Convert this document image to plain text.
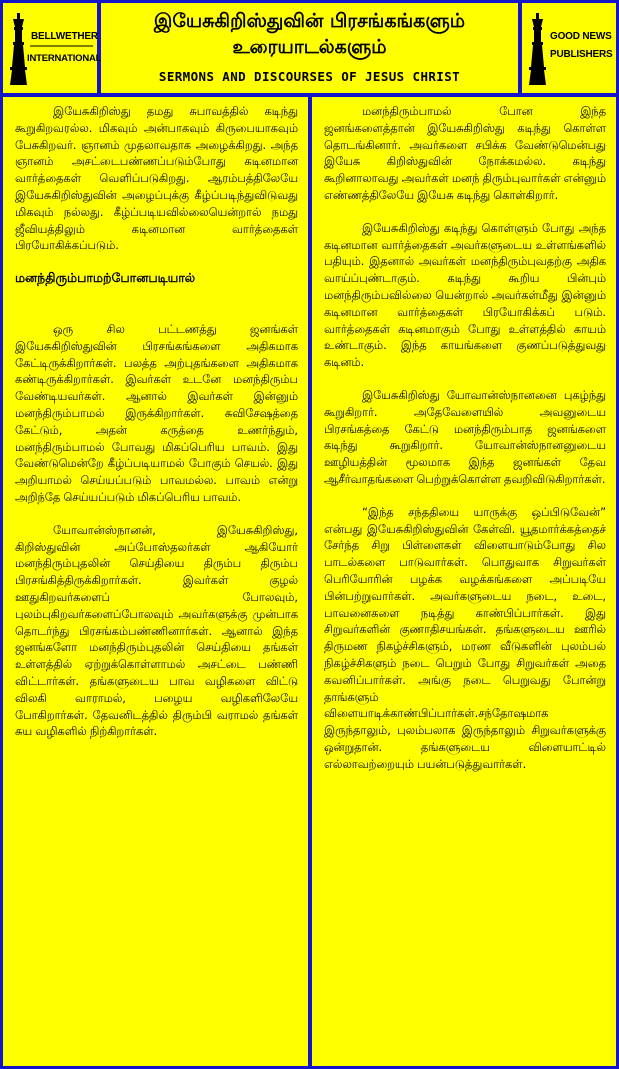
BELLWETHER
INTERNATIONAL
இயேசுகிறிஸ்துவின் பிரசங்கங்களும்
உரையாடல்களும்
SERMONS AND DISCOURSES OF JESUS CHRIST
GOOD NEWS
PUBLISHERS

இயேசுகிறிஸ்து தமது சுபாவத்தில் கடிந்து கூறுகிறவரல்ல. மிகவும் அன்பாகவும் கிருபையாகவும் பேசுகிறவர். ஞானம் முதலாவதாக அழைக்கிறது. அந்த ஞானம் அசட்டைபண்ணப்படும்போது கடினமான வார்த்தைகள் வெளிப்படுகிறது. ஆரம்பத்திலேயே இயேசுகிறிஸ்துவின் அழைப்புக்கு கீழ்ப்படிந்துவிடுவது மிகவும் நல்லது. கீழ்ப்படியவில்லையென்றால் நமது ஜீவியத்திலும் கடினமான வார்த்தைகள் பிரயோகிக்கப்படும்.

மனந்திரும்பாமற்போனபடியால்

ஒரு சில பட்டணத்து ஜனங்கள் இயேசுகிறிஸ்துவின் பிரசங்கங்களை அதிகமாக கேட்டிருக்கிறார்கள். பலத்த அற்புதங்களை அதிகமாக கண்டிருக்கிறார்கள். இவர்கள் உடனே மனந்திரும்ப வேண்டியவர்கள். ஆனால் இவர்கள் இன்னும் மனந்திரும்பாமல் இருக்கிறார்கள். சுவிசேஷத்தை கேட்டும், அதன் கருத்தை உணர்ந்தும், மனந்திரும்பாமல் போவது மிகப்பெரிய பாவம். இது வேண்டுமென்றே கீழ்ப்படியாமல் போகும் செயல். இது அறியாமல் செய்யப்படும் பாவமல்ல. பாவம் என்று அறிந்தே செய்யப்படும் மிகப்பெரிய பாவம்.

யோவான்ஸ்நானன், இயேசுகிறிஸ்து, கிறிஸ்துவின் அப்போஸ்தலர்கள் ஆகியோர் மனந்திரும்புதலின் செய்தியை திரும்ப திரும்ப பிரசங்கித்திருக்கிறார்கள். இவர்கள் குழல் ஊதுகிறவர்களைப் போலவும், புலம்புகிறவர்களைப்போலவும் அவர்களுக்கு முன்பாக தொடர்ந்து பிரசங்கம்பண்ணினார்கள். ஆனால் இந்த ஜனங்களோ மனந்திரும்புதலின் செய்தியை தங்கள் உள்ளத்தில் ஏற்றுக்கொள்ளாமல் அசட்டை பண்ணி விட்டார்கள். தங்களுடைய பாவ வழிகளை விட்டு விலகி வாராமல், பழைய வழிகளிலேயே போகிறார்கள். தேவனிடத்தில் திரும்பி வராமல் தங்கள் சுய வழிகளில் நிற்கிறார்கள்.

மனந்திரும்பாமல் போன இந்த ஜனங்களைத்தான் இயேசுகிறிஸ்து கடிந்து கொள்ள தொடங்கினார். அவர்களை சபிக்க வேண்டுமென்பது இயேசு கிறிஸ்துவின் நோக்கமல்ல. கடிந்து கூறினாலாவது அவர்கள் மனந் திரும்புவார்கள் என்னும் எண்ணத்திலேயே இயேசு கடிந்து கொள்கிறார்.

இயேசுகிறிஸ்து கடிந்து கொள்ளும் போது அந்த கடினமான வார்த்தைகள் அவர்களுடைய உள்ளங்களில் பதியும். இதனால் அவர்கள் மனந்திரும்புவதற்கு அதிக வாய்ப்புண்டாகும். கடிந்து கூறிய பின்பும் மனந்திரும்பவில்லை யென்றால் அவர்கள்மீது இன்னும் கடினமான வார்த்தைகள் பிரயோகிக்கப் படும். வார்த்தைகள் கடினமாகும் போது உள்ளத்தில் காயம் உண்டாகும். இந்த காயங்களை குணப்படுத்துவது கடினம்.

இயேசுகிறிஸ்து யோவான்ஸ்நானனை புகழ்ந்து கூறுகிறார். அதேவேளையில் அவனுடைய பிரசங்கத்தை கேட்டு மனந்திரும்பாத ஜனங்களை கடிந்து கூறுகிறார். யோவான்ஸ்நானனுடைய ஊழியத்தின் மூலமாக இந்த ஜனங்கள் தேவ ஆசீர்வாதங்களை பெற்றுக்கொள்ள தவறிவிடுகிறார்கள்.

“இந்த சந்ததியை யாருக்கு ஒப்பிடுவேன்” என்பது இயேசுகிறிஸ்துவின் கேள்வி. யூதமார்க்கத்தைச் சேர்ந்த சிறு பிள்ளைகள் விளையாடும்போது சில பாடல்களை பாடுவார்கள். பொதுவாக சிறுவர்கள் பெரியோரின் பழக்க வழக்கங்களை அப்படியே பின்பற்றுவார்கள். அவர்களுடைய நடை, உடை, பாவனைகளை நடித்து காண்பிப்பார்கள். இது சிறுவர்களின் குணாதிசயங்கள். தங்களுடைய ஊரில் திருமண நிகழ்ச்சிகளும், மரண வீடுகளின் புலம்பல் நிகழ்ச்சிகளும் நடை பெறும் போது சிறுவர்கள் அதை கவனிப்பார்கள். அங்கு நடை பெறுவது போன்று தாங்களும் விளையாடிக்காண்பிப்பார்கள்.சந்தோஷமாக இருந்தாலும், புலம்பலாக இருந்தாலும் சிறுவர்களுக்கு ஒன்றுதான். தங்களுடைய விளையாட்டில் எல்லாவற்றையும் பயன்படுத்துவார்கள்.
